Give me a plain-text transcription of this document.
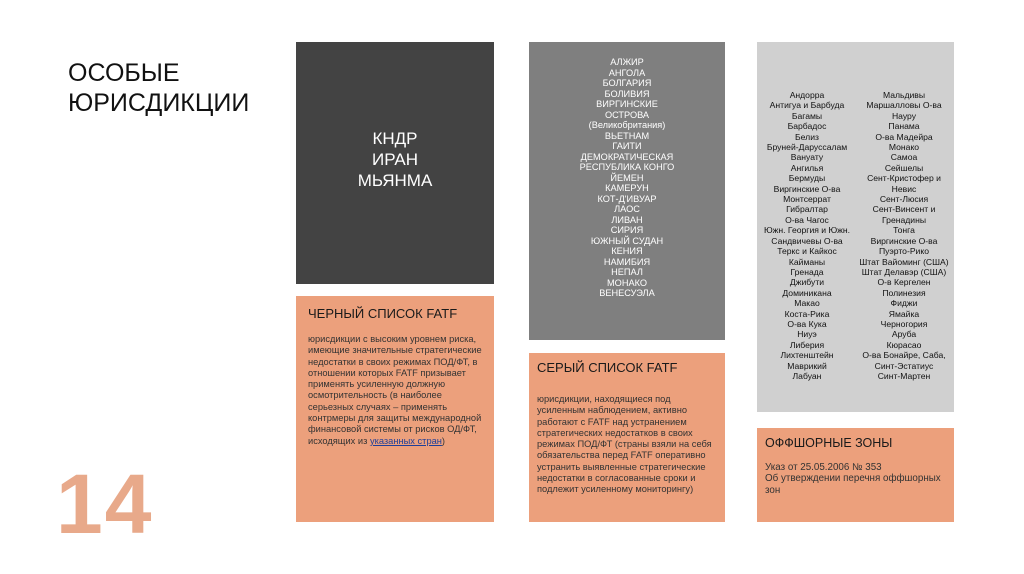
ОСОБЫЕ
ЮРИСДИКЦИИ
14
КНДР
ИРАН
МЬЯНМА
АЛЖИР
АНГОЛА
БОЛГАРИЯ
БОЛИВИЯ
ВИРГИНСКИЕ
ОСТРОВА
(Великобритания)
ВЬЕТНАМ
ГАИТИ
ДЕМОКРАТИЧЕСКАЯ
РЕСПУБЛИКА КОНГО
ЙЕМЕН
КАМЕРУН
КОТ-Д'ИВУАР
ЛАОС
ЛИВАН
СИРИЯ
ЮЖНЫЙ СУДАН
КЕНИЯ
НАМИБИЯ
НЕПАЛ
МОНАКО
ВЕНЕСУЭЛА
Андорра
Антигуа и Барбуда
Багамы
Барбадос
Белиз
Бруней-Даруссалам
Вануату
Ангилья
Бермуды
Виргинские О-ва
Монтсеррат
Гибралтар
О-ва Чагос
Южн. Георгия и Южн.
Сандвичевы О-ва
Теркс и Кайкос
Каймaны
Гренада
Джибути
Доминикана
Макао
Коста-Рика
О-ва Кука
Ниуэ
Либерия
Лихтенштейн
Маврикий
Лабуан
Мальдивы
Маршалловы О-ва
Науру
Панама
О-ва Мадейра
Монако
Самоа
Сейшелы
Сент-Кристофер и
Невис
Сент-Люсия
Сент-Винсент и
Гренадины
Тонга
Виргинские О-ва
Пуэрто-Рико
Штат Вайоминг (США)
Штат Делавэр (США)
О-в Кергелен
Полинезия
Фиджи
Ямайка
Черногория
Аруба
Кюрасао
О-ва Бонайре, Саба,
Синт-Эстатиус
Синт-Мартен
ЧЕРНЫЙ СПИСОК FATF
юрисдикции с высоким уровнем риска, имеющие значительные стратегические недостатки в своих режимах ПОД/ФТ, в отношении которых FATF призывает применять усиленную должную осмотрительность (в наиболее серьезных случаях – применять контрмеры для защиты международной финансовой системы от рисков ОД/ФТ, исходящих из указанных стран)
СЕРЫЙ СПИСОК FATF
юрисдикции, находящиеся под усиленным наблюдением, активно работают с FATF над устранением стратегических недостатков в своих режимах ПОД/ФТ (страны взяли на себя обязательства перед FATF оперативно устранить выявленные стратегические недостатки в согласованные сроки и подлежит усиленному мониторингу)
ОФФШОРНЫЕ ЗОНЫ
Указ от 25.05.2006 № 353
Об утверждении перечня оффшорных зон
